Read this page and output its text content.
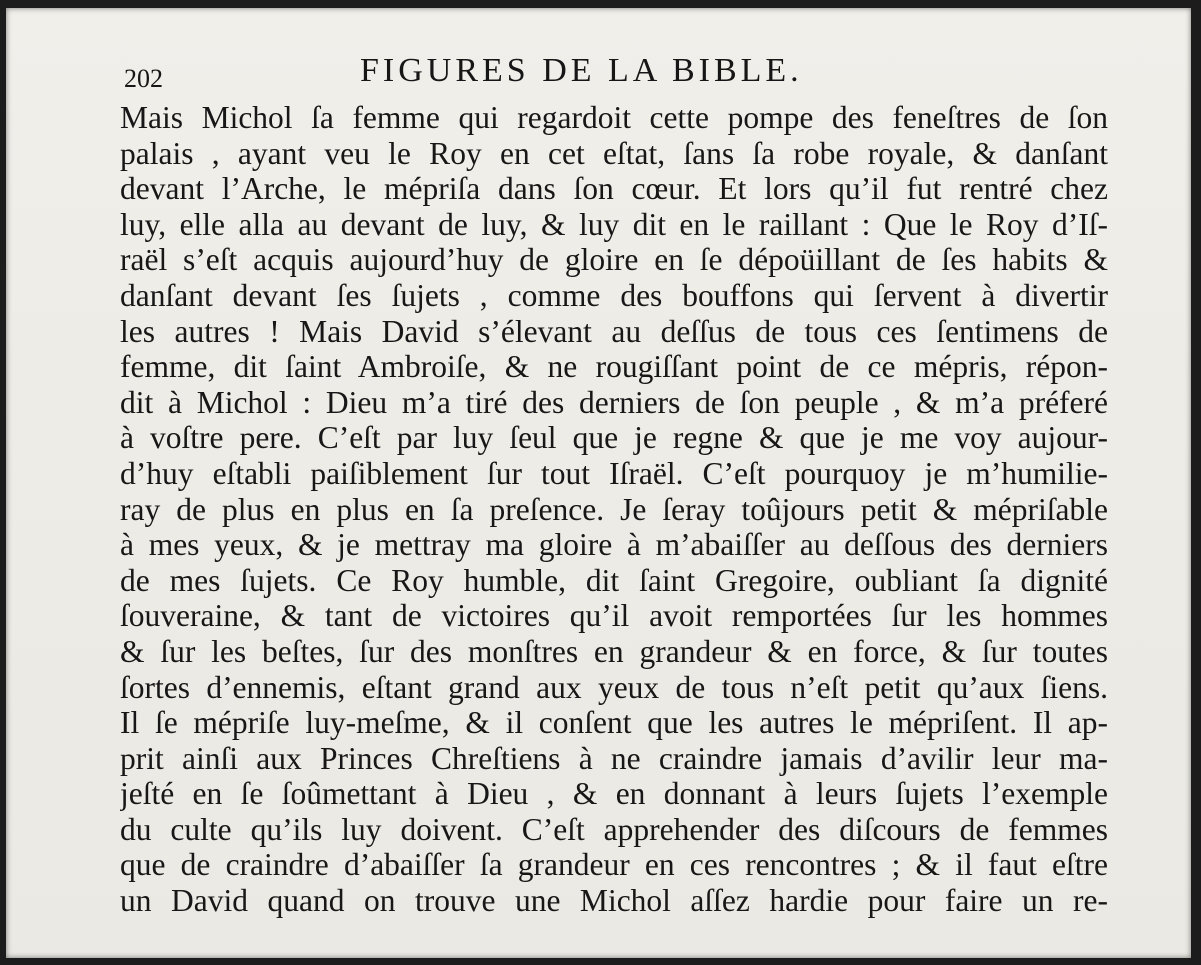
202	FIGURES DE LA BIBLE.
Mais Michol ſa femme qui regardoit cette pompe des feneſtres de ſon
palais , ayant veu le Roy en cet eſtat, ſans ſa robe royale, & danſant
devant l’Arche, le mépriſa dans ſon cœur. Et lors qu’il fut rentré chez
luy, elle alla au devant de luy, & luy dit en le raillant : Que le Roy d’Iſ-
raël s’eſt acquis aujourd’huy de gloire en ſe dépoüillant de ſes habits &
danſant devant ſes ſujets , comme des bouffons qui ſervent à divertir
les autres ! Mais David s’élevant au deſſus de tous ces ſentimens de
femme, dit ſaint Ambroiſe, & ne rougiſſant point de ce mépris, répon-
dit à Michol : Dieu m’a tiré des derniers de ſon peuple , & m’a préferé
à voſtre pere. C’eſt par luy ſeul que je regne & que je me voy aujour-
d’huy eſtabli paiſiblement ſur tout Iſraël. C’eſt pourquoy je m’humilie-
ray de plus en plus en ſa preſence. Je ſeray toûjours petit & mépriſable
à mes yeux, & je mettray ma gloire à m’abaiſſer au deſſous des derniers
de mes ſujets. Ce Roy humble, dit ſaint Gregoire, oubliant ſa dignité
ſouveraine, & tant de victoires qu’il avoit remportées ſur les hommes
& ſur les beſtes, ſur des monſtres en grandeur & en force, & ſur toutes
ſortes d’ennemis, eſtant grand aux yeux de tous n’eſt petit qu’aux ſiens.
Il ſe mépriſe luy-meſme, & il conſent que les autres le mépriſent. Il ap-
prit ainſi aux Princes Chreſtiens à ne craindre jamais d’avilir leur ma-
jeſté en ſe ſoûmettant à Dieu , & en donnant à leurs ſujets l’exemple
du culte qu’ils luy doivent. C’eſt apprehender des diſcours de femmes
que de craindre d’abaiſſer ſa grandeur en ces rencontres ; & il faut eſtre
un David quand on trouve une Michol aſſez hardie pour faire un re-
